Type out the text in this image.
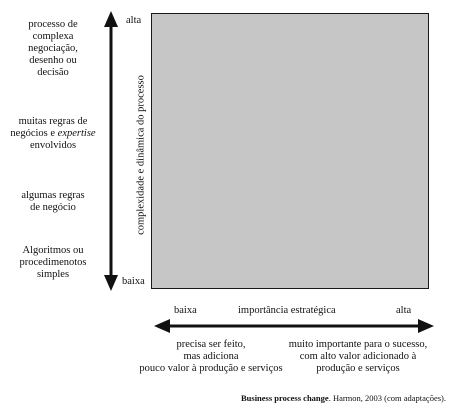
processo de
complexa
negociação,
desenho ou
decisão
muitas regras de
negócios e expertise
envolvidos
algumas regras
de negócio
Algoritmos ou
procedimenotos
simples
alta
baixa
complexidade e dinâmica do processo
baixa	importância estratégica	alta
precisa ser feito,
mas adiciona
pouco valor à produção e serviços
muito importante para o sucesso,
com alto valor adicionado à
produção e serviços
Business process change. Harmon, 2003 (com adaptações).
